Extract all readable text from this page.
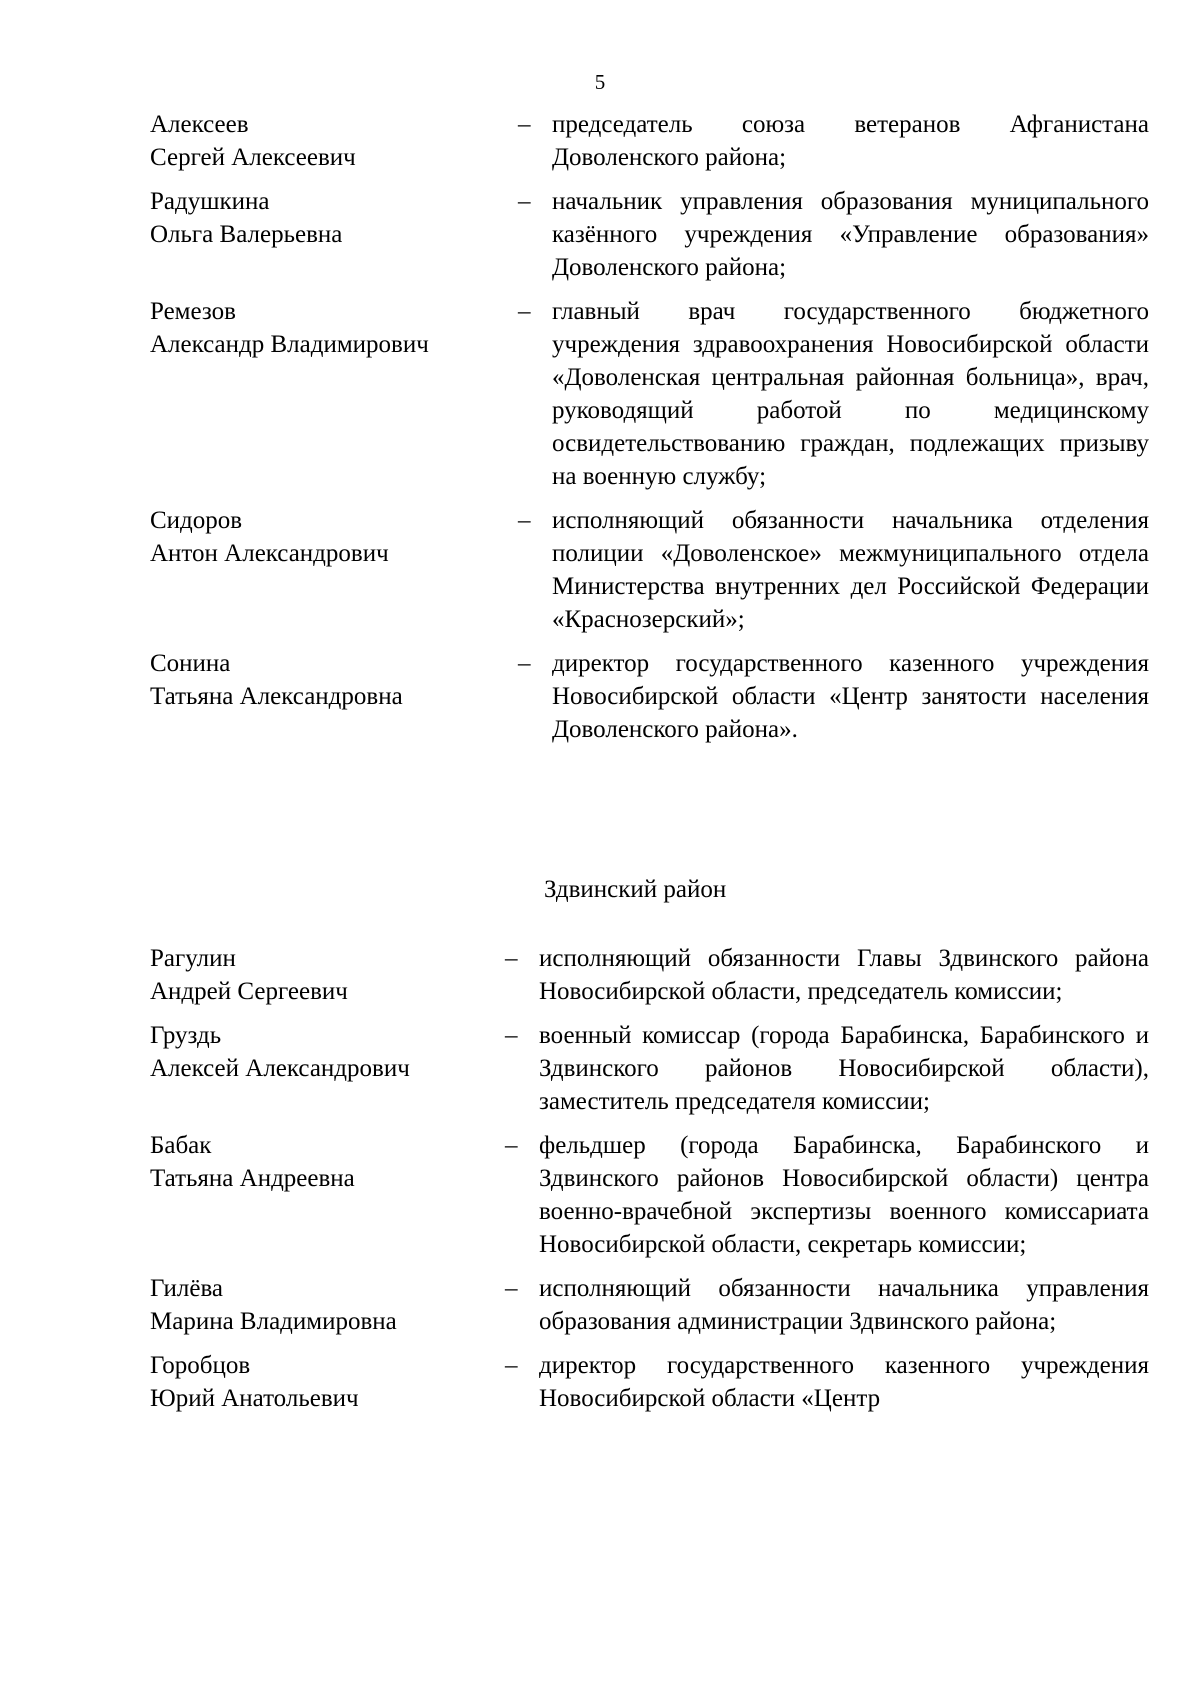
5
Алексеев
Сергей Алексеевич
– председатель союза ветеранов Афганистана Доволенского района;
Радушкина
Ольга Валерьевна
– начальник управления образования муниципального казённого учреждения «Управление образования» Доволенского района;
Ремезов
Александр Владимирович
– главный врач государственного бюджетного учреждения здравоохранения Новосибирской области «Доволенская центральная районная больница», врач, руководящий работой по медицинскому освидетельствованию граждан, подлежащих призыву на военную службу;
Сидоров
Антон Александрович
– исполняющий обязанности начальника отделения полиции «Доволенское» межмуниципального отдела Министерства внутренних дел Российской Федерации «Краснозерский»;
Сонина
Татьяна Александровна
– директор государственного казенного учреждения Новосибирской области «Центр занятости населения Доволенского района».
Здвинский район
Рагулин
Андрей Сергеевич
– исполняющий обязанности Главы Здвинского района Новосибирской области, председатель комиссии;
Груздь
Алексей Александрович
– военный комиссар (города Барабинска, Барабинского и Здвинского районов Новосибирской области), заместитель председателя комиссии;
Бабак
Татьяна Андреевна
– фельдшер (города Барабинска, Барабинского и Здвинского районов Новосибирской области) центра военно-врачебной экспертизы военного комиссариата Новосибирской области, секретарь комиссии;
Гилёва
Марина Владимировна
– исполняющий обязанности начальника управления образования администрации Здвинского района;
Горобцов
Юрий Анатольевич
– директор государственного казенного учреждения Новосибирской области «Центр
